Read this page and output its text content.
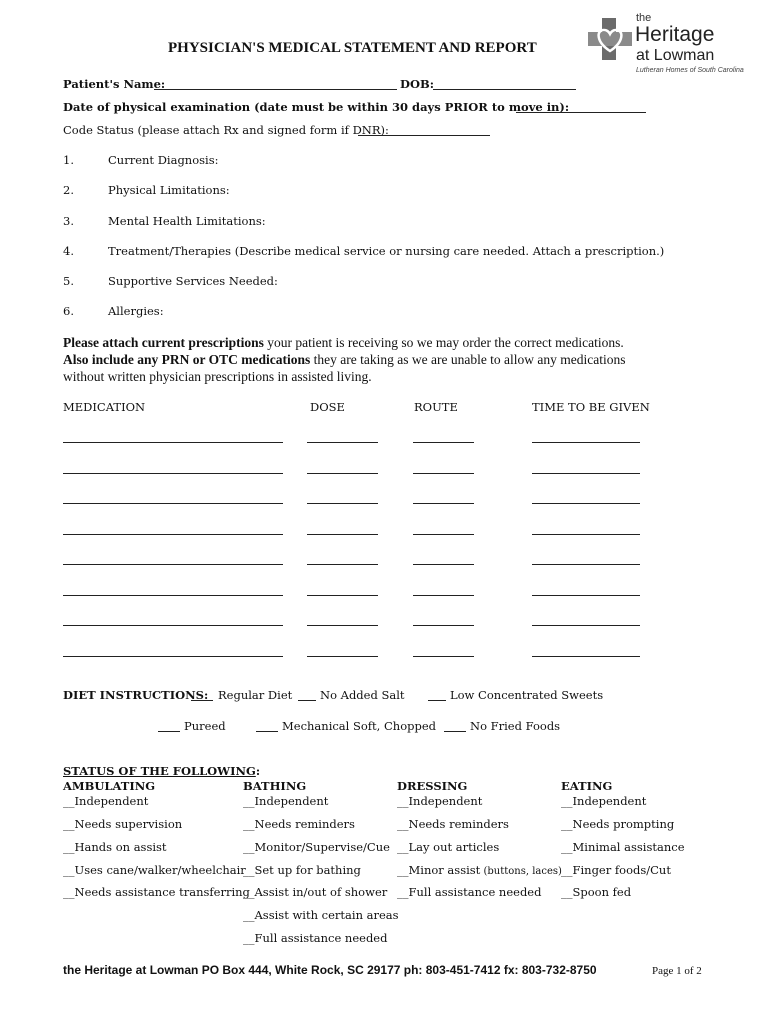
PHYSICIAN'S MEDICAL STATEMENT AND REPORT
the
Heritage
at Lowman
Lutheran Homes of South Carolina
Patient's Name:	DOB:
Date of physical examination (date must be within 30 days PRIOR to move in):
Code Status (please attach Rx and signed form if DNR):
1.	Current Diagnosis:
2.	Physical Limitations:
3.	Mental Health Limitations:
4.	Treatment/Therapies (Describe medical service or nursing care needed. Attach a prescription.)
5.	Supportive Services Needed:
6.	Allergies:
Please attach current prescriptions your patient is receiving so we may order the correct medications.
Also include any PRN or OTC medications they are taking as we are unable to allow any medications
without written physician prescriptions in assisted living.
MEDICATION	DOSE	ROUTE	TIME TO BE GIVEN
DIET INSTRUCTIONS: Regular Diet No Added Salt	Low Concentrated Sweets
Pureed	Mechanical Soft, Chopped	No Fried Foods
STATUS OF THE FOLLOWING:
AMBULATING
__Independent
__Needs supervision
__Hands on assist
__Uses cane/walker/wheelchair
__Needs assistance transferring
BATHING
__Independent
__Needs reminders
__Monitor/Supervise/Cue
__Set up for bathing
__Assist in/out of shower
__Assist with certain areas
__Full assistance needed
DRESSING
__Independent
__Needs reminders
__Lay out articles
__Minor assist (buttons, laces)
__Full assistance needed
EATING
__Independent
__Needs prompting
__Minimal assistance
__Finger foods/Cut
__Spoon fed
the Heritage at Lowman PO Box 444, White Rock, SC 29177 ph: 803-451-7412 fx: 803-732-8750	Page 1 of 2
